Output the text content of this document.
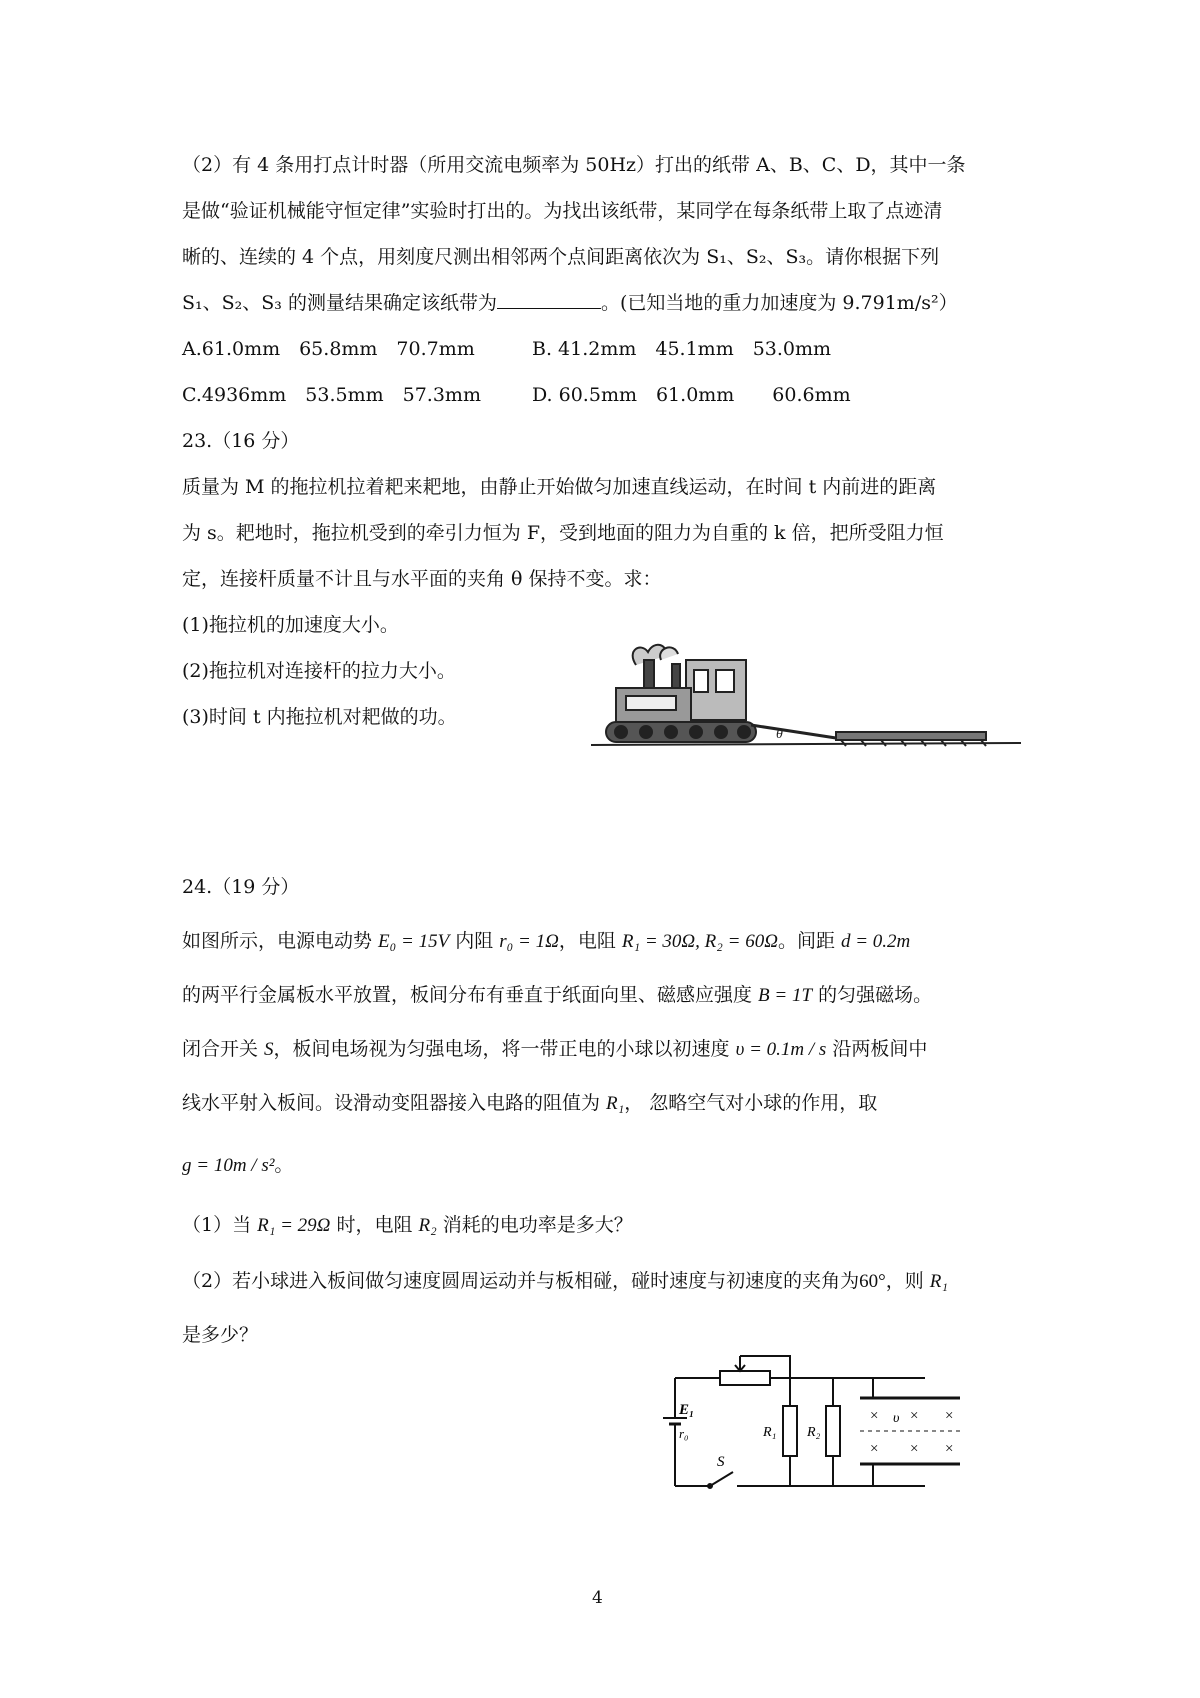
（2）有 4 条用打点计时器（所用交流电频率为 50Hz）打出的纸带 A、B、C、D，其中一条
是做“验证机械能守恒定律”实验时打出的。为找出该纸带，某同学在每条纸带上取了点迹清
晰的、连续的 4 个点，用刻度尺测出相邻两个点间距离依次为 S₁、S₂、S₃。请你根据下列
S₁、S₂、S₃ 的测量结果确定该纸带为	。(已知当地的重力加速度为 9.791m/s²）
A.61.0mm　65.8mm　70.7mm	B. 41.2mm　45.1mm　53.0mm
C.4936mm　53.5mm　57.3mm	D. 60.5mm　61.0mm　　60.6mm
23.（16 分）
质量为 M 的拖拉机拉着耙来耙地，由静止开始做匀加速直线运动，在时间 t 内前进的距离
为 s。耙地时，拖拉机受到的牵引力恒为 F，受到地面的阻力为自重的 k 倍，把所受阻力恒
定，连接杆质量不计且与水平面的夹角 θ 保持不变。求：
(1)拖拉机的加速度大小。
(2)拖拉机对连接杆的拉力大小。
(3)时间 t 内拖拉机对耙做的功。
θ
24.（19 分）
如图所示，电源电动势 E₀ = 15V 内阻 r₀ = 1Ω，电阻 R₁ = 30Ω, R₂ = 60Ω。间距 d = 0.2m
的两平行金属板水平放置，板间分布有垂直于纸面向里、磁感应强度 B = 1T 的匀强磁场。
闭合开关 S，板间电场视为匀强电场，将一带正电的小球以初速度 υ = 0.1m / s 沿两板间中
线水平射入板间。设滑动变阻器接入电路的阻值为 R₁， 忽略空气对小球的作用，取
g = 10m / s²。
（1）当 R₁ = 29Ω 时，电阻 R₂ 消耗的电功率是多大？
（2）若小球进入板间做匀速度圆周运动并与板相碰，碰时速度与初速度的夹角为60°，则 R₁
是多少？
E₁
r₀
S
R₁ R₂
υ
× × ×
× × ×
4
